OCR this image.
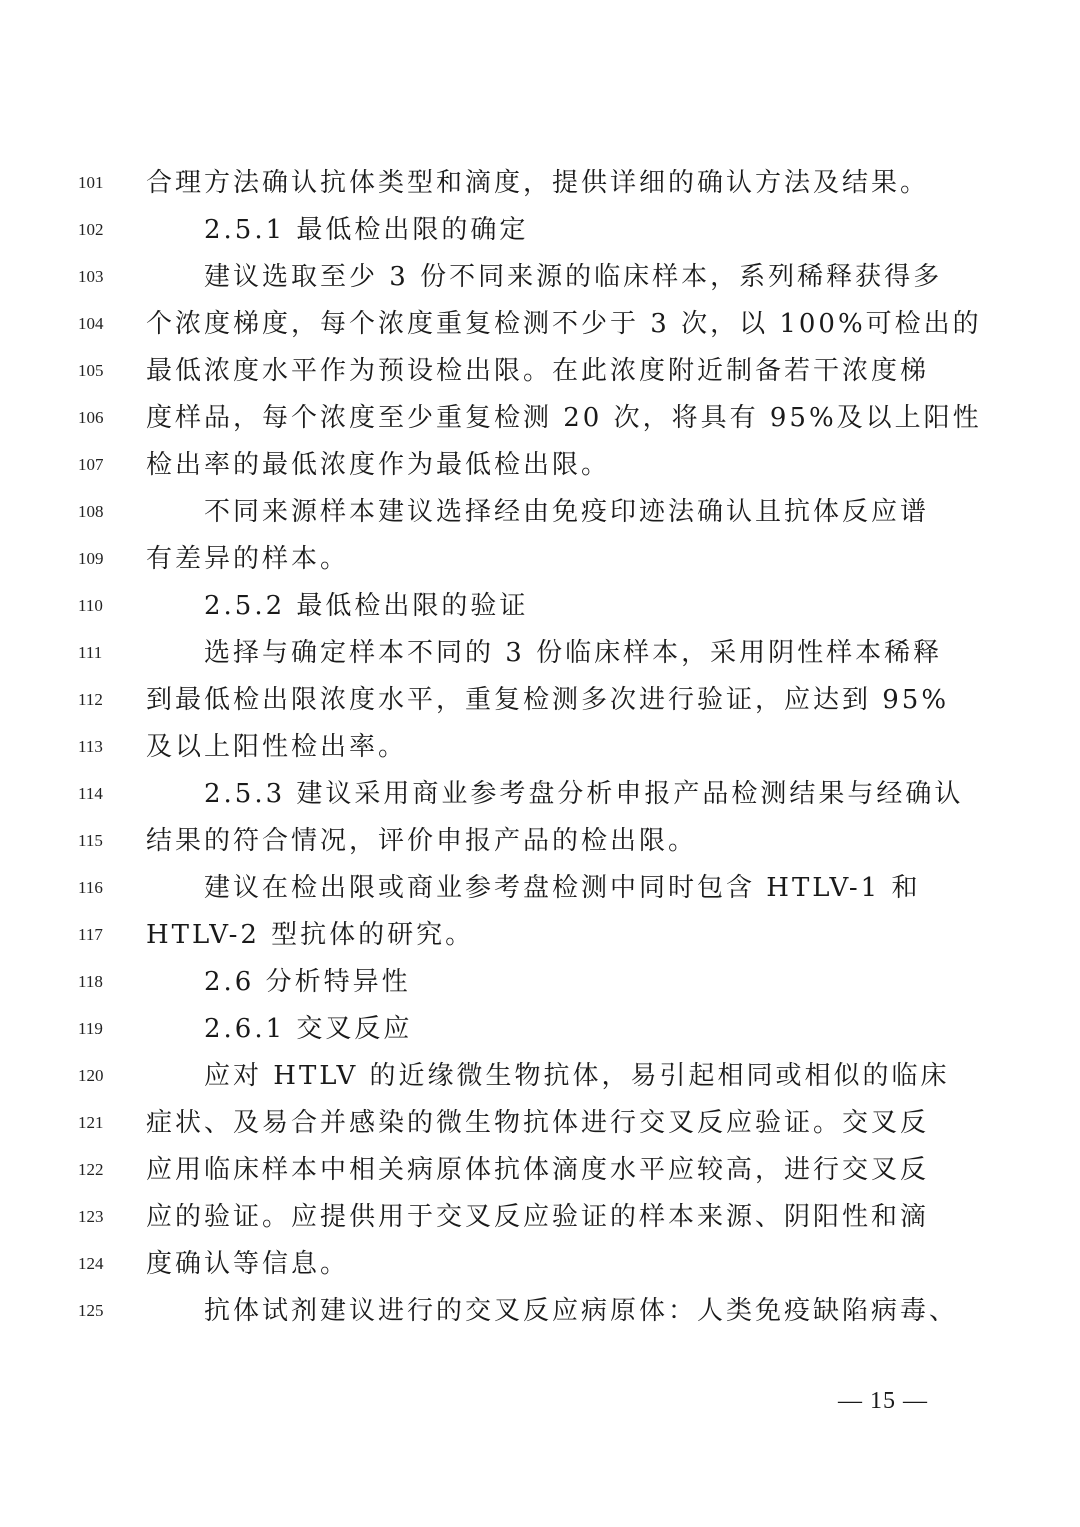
101	合理方法确认抗体类型和滴度，提供详细的确认方法及结果。
102	2.5.1 最低检出限的确定
103	建议选取至少 3 份不同来源的临床样本，系列稀释获得多
104	个浓度梯度，每个浓度重复检测不少于 3 次，以 100%可检出的
105	最低浓度水平作为预设检出限。在此浓度附近制备若干浓度梯
106	度样品，每个浓度至少重复检测 20 次，将具有 95%及以上阳性
107	检出率的最低浓度作为最低检出限。
108	不同来源样本建议选择经由免疫印迹法确认且抗体反应谱
109	有差异的样本。
110	2.5.2 最低检出限的验证
111	选择与确定样本不同的 3 份临床样本，采用阴性样本稀释
112	到最低检出限浓度水平，重复检测多次进行验证，应达到 95%
113	及以上阳性检出率。
114	2.5.3 建议采用商业参考盘分析申报产品检测结果与经确认
115	结果的符合情况，评价申报产品的检出限。
116	建议在检出限或商业参考盘检测中同时包含 HTLV-1 和
117	HTLV-2 型抗体的研究。
118	2.6 分析特异性
119	2.6.1 交叉反应
120	应对 HTLV 的近缘微生物抗体，易引起相同或相似的临床
121	症状、及易合并感染的微生物抗体进行交叉反应验证。交叉反
122	应用临床样本中相关病原体抗体滴度水平应较高，进行交叉反
123	应的验证。应提供用于交叉反应验证的样本来源、阴阳性和滴
124	度确认等信息。
125	抗体试剂建议进行的交叉反应病原体：人类免疫缺陷病毒、
— 15 —
